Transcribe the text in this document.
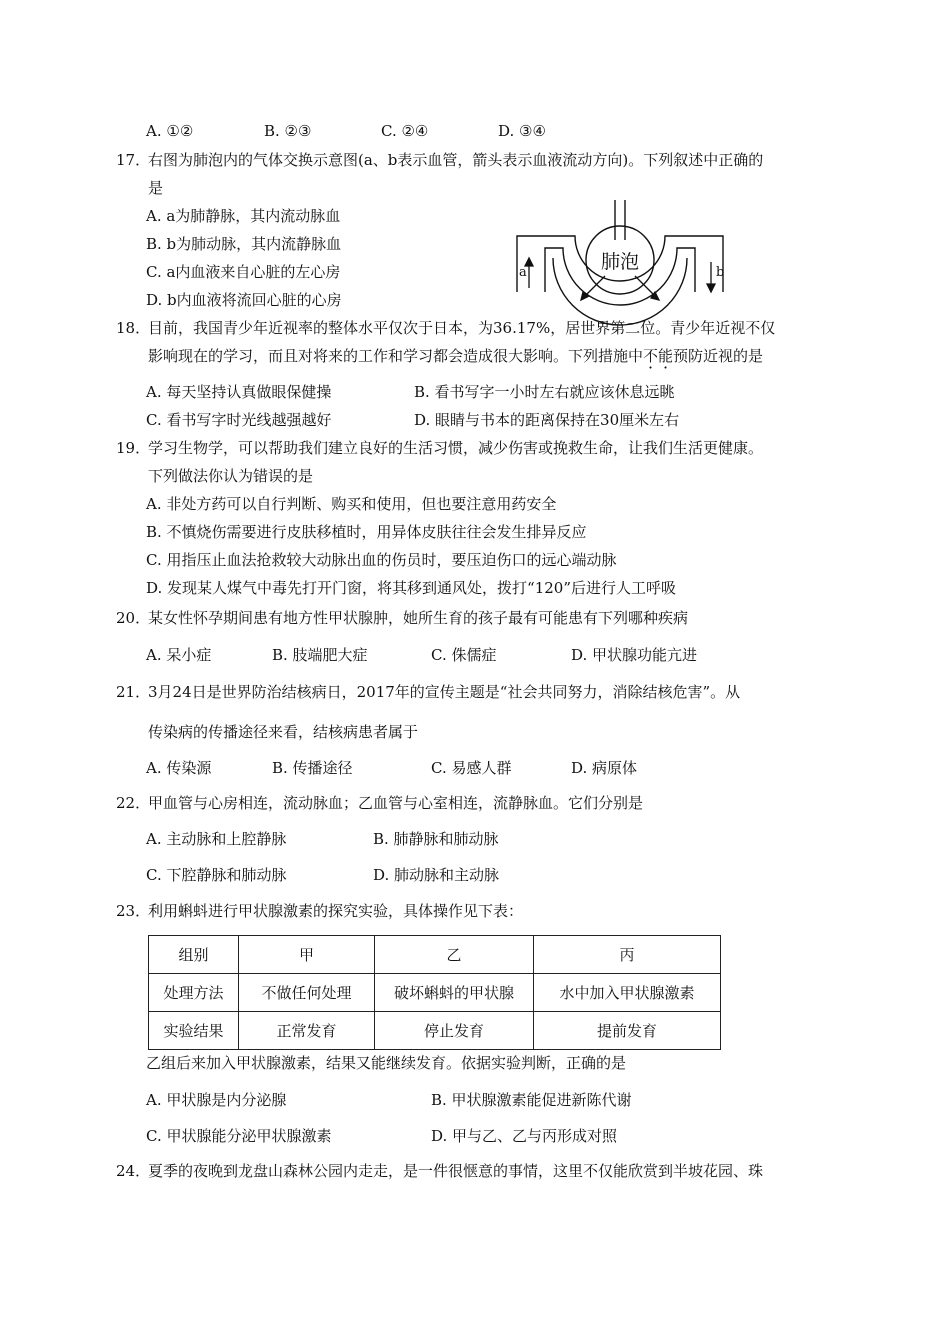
A. ①②	B. ②③	C. ②④	D. ③④
17．
右图为肺泡内的气体交换示意图(a、b表示血管，箭头表示血液流动方向)。下列叙述中正确的
是
A. a为肺静脉，其内流动脉血
B. b为肺动脉，其内流静脉血
C. a内血液来自心脏的左心房
D. b内血液将流回心脏的心房
肺泡
a	b
18．
目前，我国青少年近视率的整体水平仅次于日本，为36.17%，居世界第二位。青少年近视不仅
影响现在的学习，而且对将来的工作和学习都会造成很大影响。下列措施中不能预防近视的是
A. 每天坚持认真做眼保健操	B. 看书写字一小时左右就应该休息远眺
C. 看书写字时光线越强越好	D. 眼睛与书本的距离保持在30厘米左右
19．
学习生物学，可以帮助我们建立良好的生活习惯，减少伤害或挽救生命，让我们生活更健康。
下列做法你认为错误的是
A. 非处方药可以自行判断、购买和使用，但也要注意用药安全
B. 不慎烧伤需要进行皮肤移植时，用异体皮肤往往会发生排异反应
C. 用指压止血法抢救较大动脉出血的伤员时，要压迫伤口的远心端动脉
D. 发现某人煤气中毒先打开门窗，将其移到通风处，拨打“120”后进行人工呼吸
20．
某女性怀孕期间患有地方性甲状腺肿，她所生育的孩子最有可能患有下列哪种疾病
A. 呆小症	B. 肢端肥大症	C. 侏儒症	D. 甲状腺功能亢进
21．
3月24日是世界防治结核病日，2017年的宣传主题是“社会共同努力，消除结核危害”。从
传染病的传播途径来看，结核病患者属于
A. 传染源	B. 传播途径	C. 易感人群	D. 病原体
22．
甲血管与心房相连，流动脉血；乙血管与心室相连，流静脉血。它们分别是
A. 主动脉和上腔静脉	B. 肺静脉和肺动脉
C. 下腔静脉和肺动脉	D. 肺动脉和主动脉
23．
利用蝌蚪进行甲状腺激素的探究实验，具体操作见下表：
组别	甲	乙	丙
处理方法	不做任何处理	破坏蝌蚪的甲状腺	水中加入甲状腺激素
实验结果	正常发育	停止发育	提前发育
乙组后来加入甲状腺激素，结果又能继续发育。依据实验判断，正确的是
A. 甲状腺是内分泌腺	B. 甲状腺激素能促进新陈代谢
C. 甲状腺能分泌甲状腺激素	D. 甲与乙、乙与丙形成对照
24．
夏季的夜晚到龙盘山森林公园内走走，是一件很惬意的事情，这里不仅能欣赏到半坡花园、珠
